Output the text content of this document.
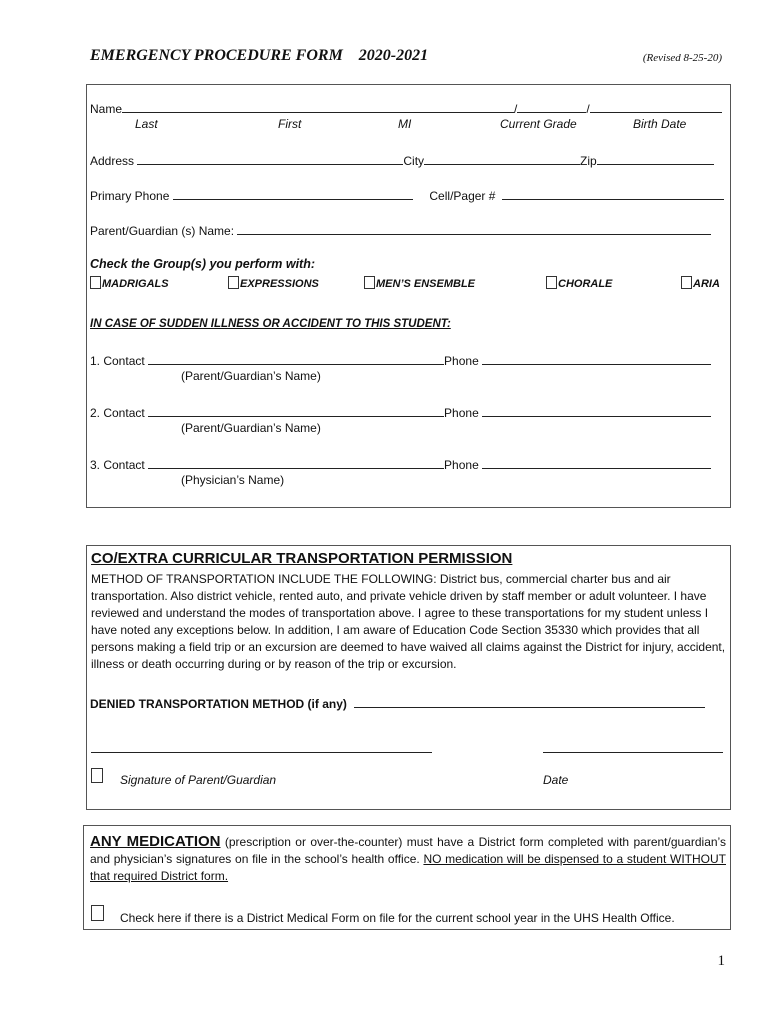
EMERGENCY PROCEDURE FORM    2020-2021	(Revised 8-25-20)
Name	/	/
Last	First	MI	Current Grade	Birth Date
Address	City	Zip
Primary Phone	Cell/Pager #
Parent/Guardian (s) Name:
Check the Group(s) you perform with:
MADRIGALS	EXPRESSIONS	MEN’S ENSEMBLE	CHORALE	ARIA
IN CASE OF SUDDEN ILLNESS OR ACCIDENT TO THIS STUDENT:
1. Contact	Phone
(Parent/Guardian’s Name)
2. Contact	Phone
(Parent/Guardian’s Name)
3. Contact	Phone
(Physician’s Name)
CO/EXTRA CURRICULAR TRANSPORTATION PERMISSION
METHOD OF TRANSPORTATION INCLUDE THE FOLLOWING: District bus, commercial charter bus and air transportation. Also district vehicle, rented auto, and private vehicle driven by staff member or adult volunteer. I have reviewed and understand the modes of transportation above. I agree to these transportations for my student unless I have noted any exceptions below. In addition, I am aware of Education Code Section 35330 which provides that all persons making a field trip or an excursion are deemed to have waived all claims against the District for injury, accident, illness or death occurring during or by reason of the trip or excursion.
DENIED TRANSPORTATION METHOD (if any)
Signature of Parent/Guardian	Date
ANY MEDICATION (prescription or over-the-counter) must have a District form completed with parent/guardian’s and physician’s signatures on file in the school’s health office. NO medication will be dispensed to a student WITHOUT that required District form.
Check here if there is a District Medical Form on file for the current school year in the UHS Health Office.
1
